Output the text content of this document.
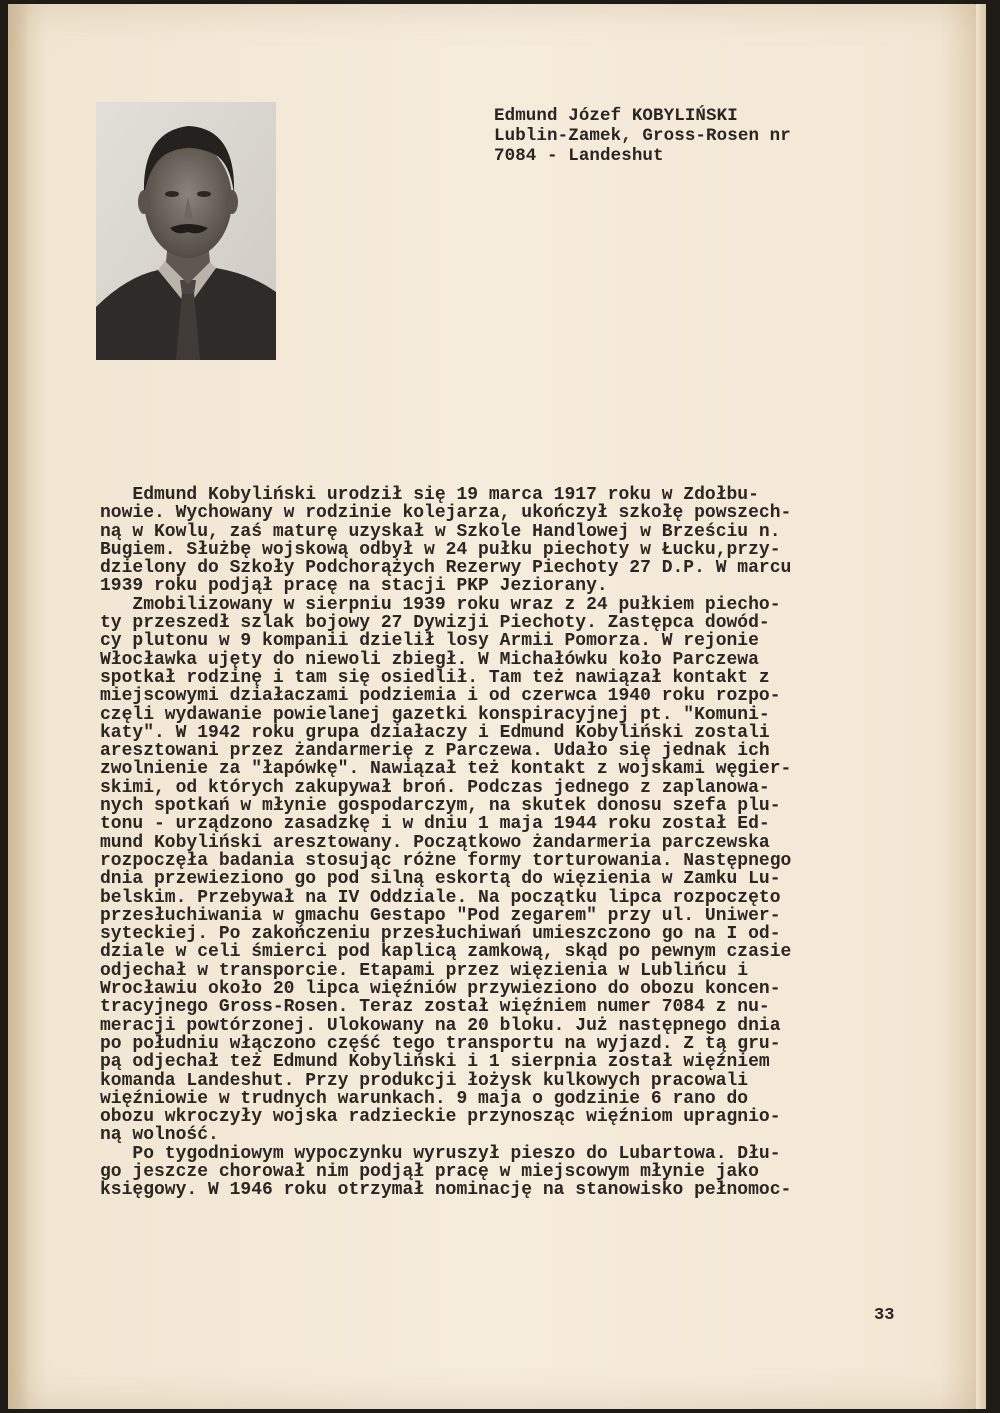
Edmund Józef KOBYLIŃSKI
Lublin-Zamek, Gross-Rosen nr
7084 - Landeshut
Edmund Kobyliński urodził się 19 marca 1917 roku w Zdołbu-
nowie. Wychowany w rodzinie kolejarza, ukończył szkołę powszech-
ną w Kowlu, zaś maturę uzyskał w Szkole Handlowej w Brześciu n.
Bugiem. Służbę wojskową odbył w 24 pułku piechoty w Łucku,przy-
dzielony do Szkoły Podchorążych Rezerwy Piechoty 27 D.P. W marcu
1939 roku podjął pracę na stacji PKP Jeziorany.
Zmobilizowany w sierpniu 1939 roku wraz z 24 pułkiem piecho-
ty przeszedł szlak bojowy 27 Dywizji Piechoty. Zastępca dowód-
cy plutonu w 9 kompanii dzielił losy Armii Pomorza. W rejonie
Włocławka ujęty do niewoli zbiegł. W Michałówku koło Parczewa
spotkał rodzinę i tam się osiedlił. Tam też nawiązał kontakt z
miejscowymi działaczami podziemia i od czerwca 1940 roku rozpo-
częli wydawanie powielanej gazetki konspiracyjnej pt. "Komuni-
katy". W 1942 roku grupa działaczy i Edmund Kobyliński zostali
aresztowani przez żandarmerię z Parczewa. Udało się jednak ich
zwolnienie za "łapówkę". Nawiązał też kontakt z wojskami węgier-
skimi, od których zakupywał broń. Podczas jednego z zaplanowa-
nych spotkań w młynie gospodarczym, na skutek donosu szefa plu-
tonu - urządzono zasadzkę i w dniu 1 maja 1944 roku został Ed-
mund Kobyliński aresztowany. Początkowo żandarmeria parczewska
rozpoczęła badania stosując różne formy torturowania. Następnego
dnia przewieziono go pod silną eskortą do więzienia w Zamku Lu-
belskim. Przebywał na IV Oddziale. Na początku lipca rozpoczęto
przesłuchiwania w gmachu Gestapo "Pod zegarem" przy ul. Uniwer-
syteckiej. Po zakończeniu przesłuchiwań umieszczono go na I od-
dziale w celi śmierci pod kaplicą zamkową, skąd po pewnym czasie
odjechał w transporcie. Etapami przez więzienia w Lublińcu i
Wrocławiu około 20 lipca więźniów przywieziono do obozu koncen-
tracyjnego Gross-Rosen. Teraz został więźniem numer 7084 z nu-
meracji powtórzonej. Ulokowany na 20 bloku. Już następnego dnia
po południu włączono część tego transportu na wyjazd. Z tą gru-
pą odjechał też Edmund Kobyliński i 1 sierpnia został więźniem
komanda Landeshut. Przy produkcji łożysk kulkowych pracowali
więźniowie w trudnych warunkach. 9 maja o godzinie 6 rano do
obozu wkroczyły wojska radzieckie przynosząc więźniom upragnio-
ną wolność.
Po tygodniowym wypoczynku wyruszył pieszo do Lubartowa. Dłu-
go jeszcze chorował nim podjął pracę w miejscowym młynie jako
księgowy. W 1946 roku otrzymał nominację na stanowisko pełnomoc-
33
